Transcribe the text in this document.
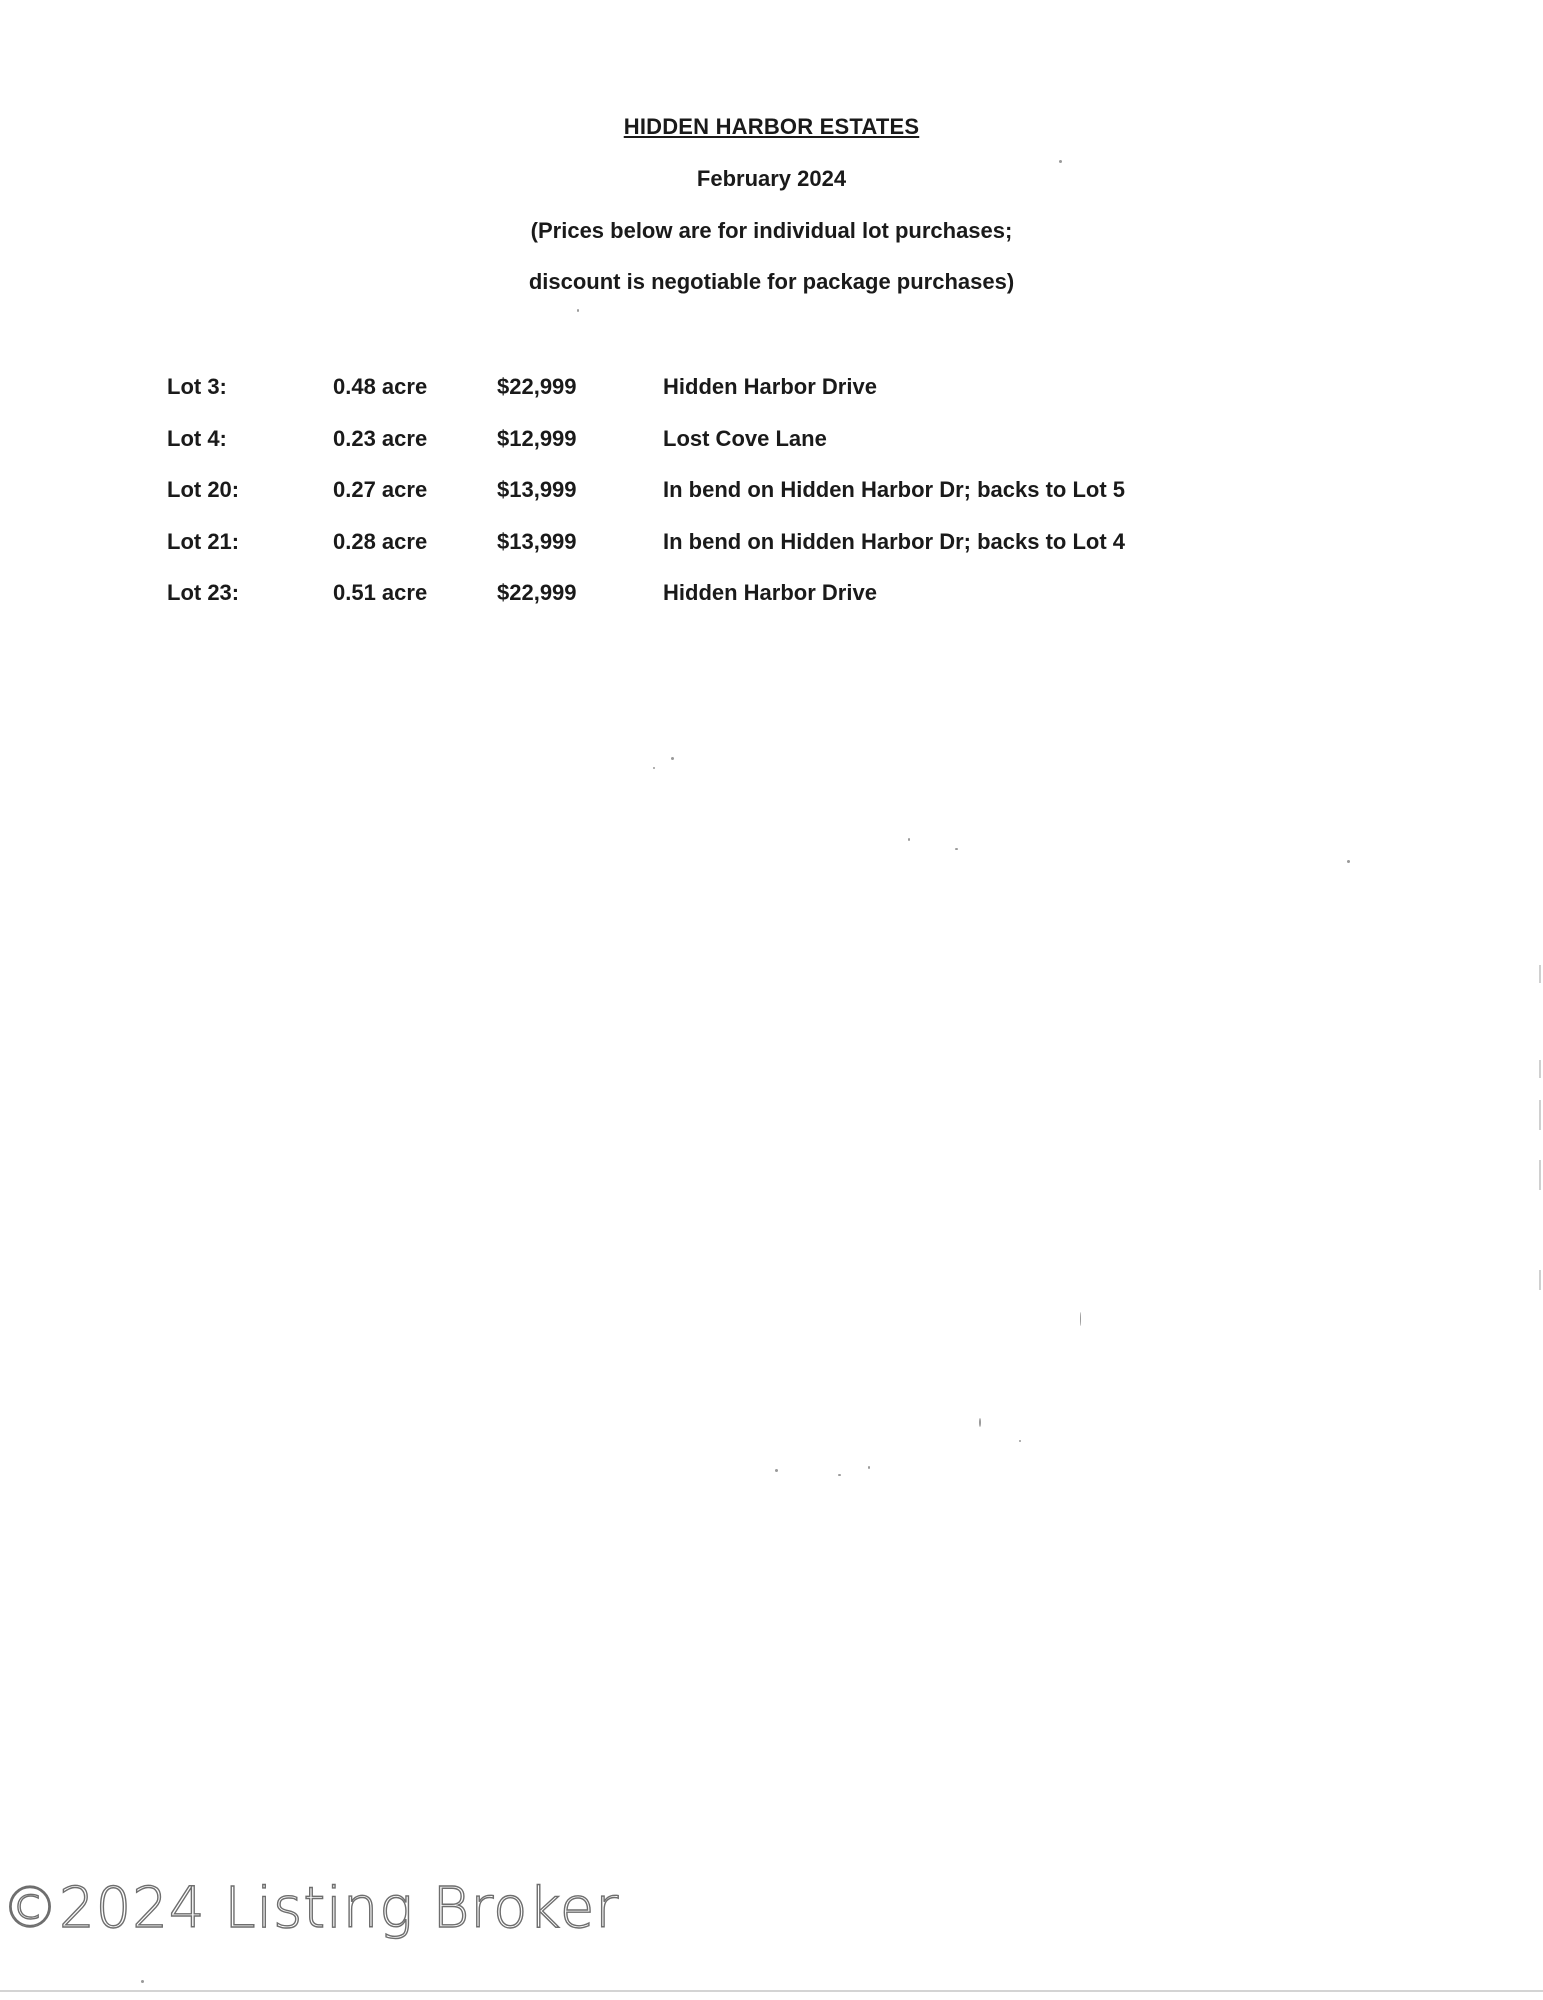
HIDDEN HARBOR ESTATES
February 2024
(Prices below are for individual lot purchases;
discount is negotiable for package purchases)
Lot 3:	0.48 acre	$22,999	Hidden Harbor Drive
Lot 4:	0.23 acre	$12,999	Lost Cove Lane
Lot 20:	0.27 acre	$13,999	In bend on Hidden Harbor Dr; backs to Lot 5
Lot 21:	0.28 acre	$13,999	In bend on Hidden Harbor Dr; backs to Lot 4
Lot 23:	0.51 acre	$22,999	Hidden Harbor Drive
©2024 Listing Broker
